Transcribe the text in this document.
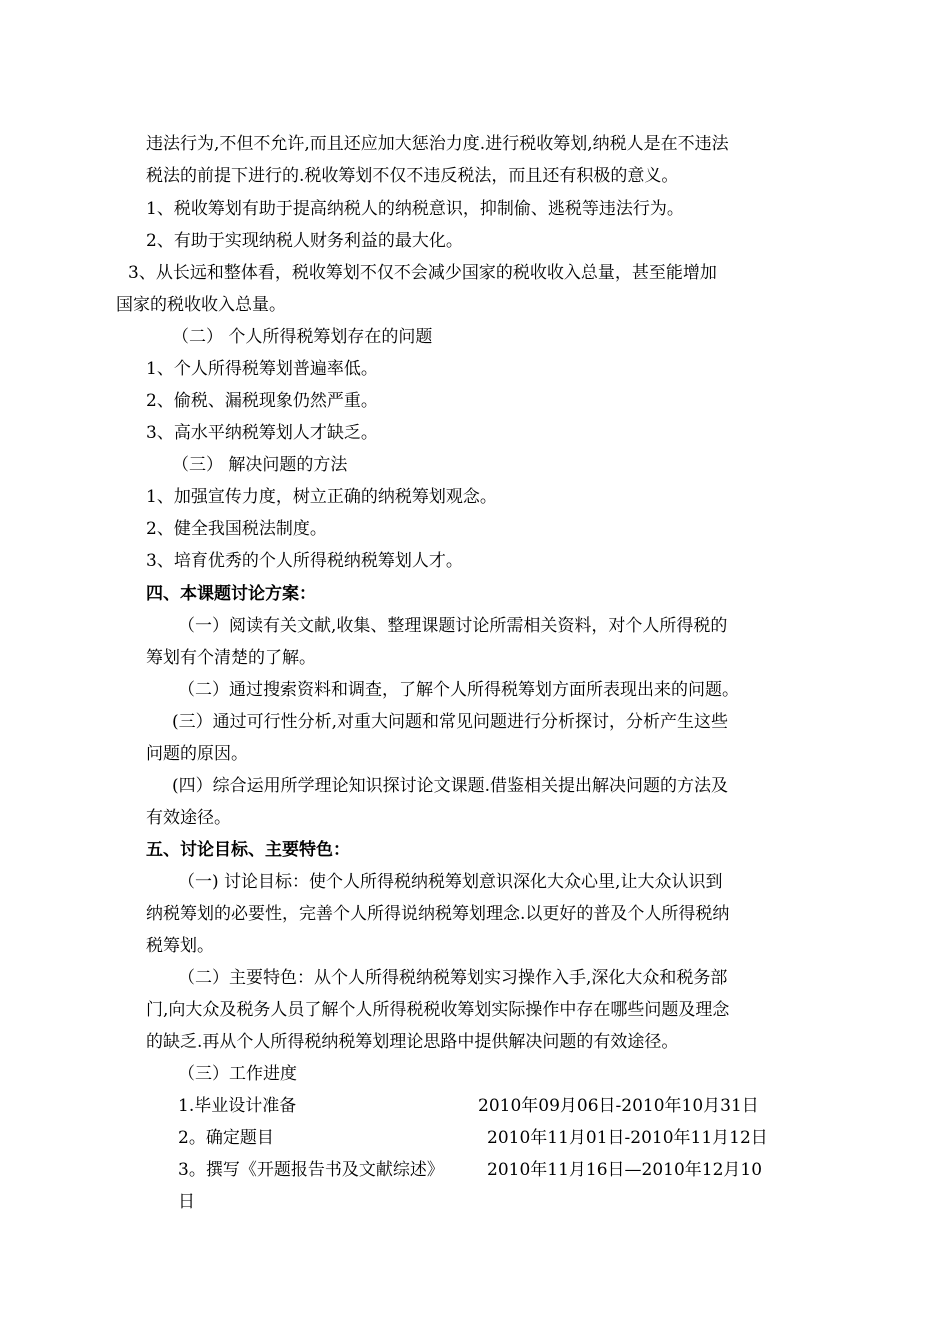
违法行为,不但不允许,而且还应加大惩治力度.进行税收筹划,纳税人是在不违法
税法的前提下进行的.税收筹划不仅不违反税法，而且还有积极的意义。
1、税收筹划有助于提高纳税人的纳税意识，抑制偷、逃税等违法行为。
2、有助于实现纳税人财务利益的最大化。
3、从长远和整体看，税收筹划不仅不会减少国家的税收收入总量，甚至能增加
国家的税收收入总量。
（二） 个人所得税筹划存在的问题
1、个人所得税筹划普遍率低。
2、偷税、漏税现象仍然严重。
3、高水平纳税筹划人才缺乏。
（三） 解决问题的方法
1、加强宣传力度，树立正确的纳税筹划观念。
2、健全我国税法制度。
3、培育优秀的个人所得税纳税筹划人才。
四、本课题讨论方案：
（一）阅读有关文献,收集、整理课题讨论所需相关资料，对个人所得税的
筹划有个清楚的了解。
（二）通过搜索资料和调查，了解个人所得税筹划方面所表现出来的问题。
(三）通过可行性分析,对重大问题和常见问题进行分析探讨，分析产生这些
问题的原因。
(四）综合运用所学理论知识探讨论文课题.借鉴相关提出解决问题的方法及
有效途径。
五、讨论目标、主要特色：
（一) 讨论目标：使个人所得税纳税筹划意识深化大众心里,让大众认识到
纳税筹划的必要性，完善个人所得说纳税筹划理念.以更好的普及个人所得税纳
税筹划。
（二）主要特色：从个人所得税纳税筹划实习操作入手,深化大众和税务部
门,向大众及税务人员了解个人所得税税收筹划实际操作中存在哪些问题及理念
的缺乏.再从个人所得税纳税筹划理论思路中提供解决问题的有效途径。
（三）工作进度
1.毕业设计准备	2010年09月06日-2010年10月31日
2。确定题目	2010年11月01日-2010年11月12日
3。撰写《开题报告书及文献综述》	2010年11月16日—2010年12月10
日
